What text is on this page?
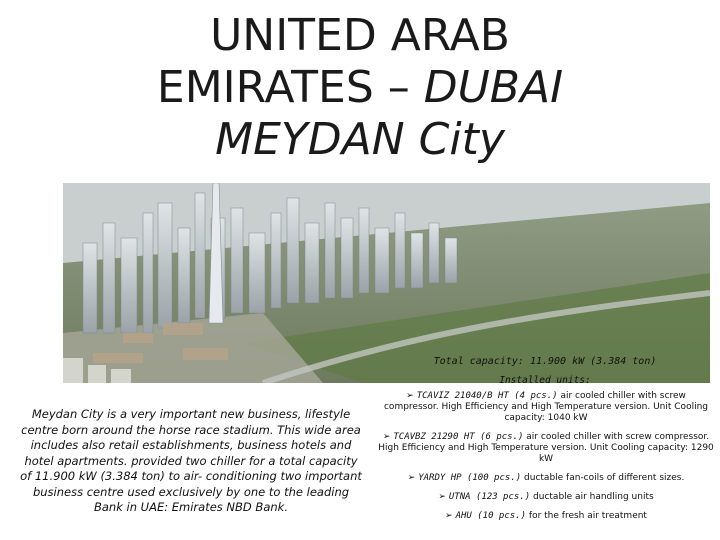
UNITED ARAB
EMIRATES – DUBAI
MEYDAN City
Total capacity: 11.900 kW (3.384 ton)
Installed units:
Meydan City is a very important new business, lifestyle centre born around the horse race stadium. This wide area includes also retail establishments, business hotels and hotel apartments. provided two chiller for a total capacity of 11.900 kW (3.384 ton) to air- conditioning two important business centre used exclusively by one to the leading Bank in UAE: Emirates NBD Bank.
➢ TCAVIZ 21040/B HT (4 pcs.) air cooled chiller with screw compressor. High Efficiency and High Temperature version. Unit Cooling capacity: 1040 kW
➢ TCAVBZ 21290 HT (6 pcs.) air cooled chiller with screw compressor. High Efficiency and High Temperature version. Unit Cooling capacity: 1290 kW
➢ YARDY HP (100 pcs.) ductable fan-coils of different sizes.
➢ UTNA (123 pcs.) ductable air handling units
➢ AHU (10 pcs.) for the fresh air treatment
